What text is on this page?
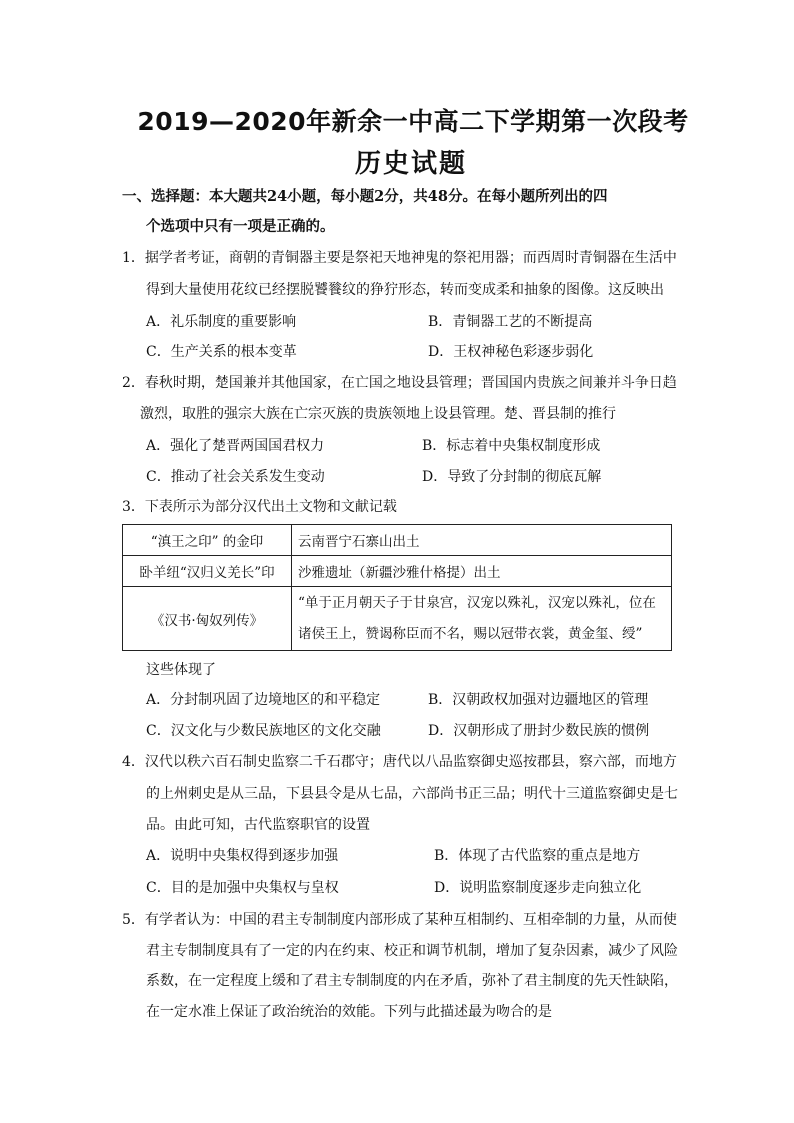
2019—2020年新余一中高二下学期第一次段考
历史试题
一、选择题：本大题共24小题，每小题2分，共48分。在每小题所列出的四
个选项中只有一项是正确的。
1．据学者考证，商朝的青铜器主要是祭祀天地神鬼的祭祀用器；而西周时青铜器在生活中
得到大量使用花纹已经摆脱饕餮纹的狰狞形态，转而变成柔和抽象的图像。这反映出
A．礼乐制度的重要影响	B．青铜器工艺的不断提高
C．生产关系的根本变革	D．王权神秘色彩逐步弱化
2．春秋时期，楚国兼并其他国家，在亡国之地设县管理；晋国国内贵族之间兼并斗争日趋
激烈，取胜的强宗大族在亡宗灭族的贵族领地上设县管理。楚、晋县制的推行
A．强化了楚晋两国国君权力	B．标志着中央集权制度形成
C．推动了社会关系发生变动	D．导致了分封制的彻底瓦解
3．下表所示为部分汉代出土文物和文献记载
“滇王之印” 的金印	云南晋宁石寨山出土
卧羊纽“汉归义羌长”印	沙雅遗址（新疆沙雅什格提）出土
《汉书·匈奴列传》	“单于正月朝天子于甘泉宫，汉宠以殊礼，汉宠以殊礼，位在
诸侯王上，赞谒称臣而不名，赐以冠带衣裳，黄金玺、绶”
这些体现了
A．分封制巩固了边境地区的和平稳定	B．汉朝政权加强对边疆地区的管理
C．汉文化与少数民族地区的文化交融	D．汉朝形成了册封少数民族的惯例
4．汉代以秩六百石制史监察二千石郡守；唐代以八品监察御史巡按郡县，察六部，而地方
的上州刺史是从三品，下县县令是从七品，六部尚书正三品；明代十三道监察御史是七
品。由此可知，古代监察职官的设置
A．说明中央集权得到逐步加强	B．体现了古代监察的重点是地方
C．目的是加强中央集权与皇权	D．说明监察制度逐步走向独立化
5．有学者认为：中国的君主专制制度内部形成了某种互相制约、互相牵制的力量，从而使
君主专制制度具有了一定的内在约束、校正和调节机制，增加了复杂因素，减少了风险
系数，在一定程度上缓和了君主专制制度的内在矛盾，弥补了君主制度的先天性缺陷，
在一定水准上保证了政治统治的效能。下列与此描述最为吻合的是
